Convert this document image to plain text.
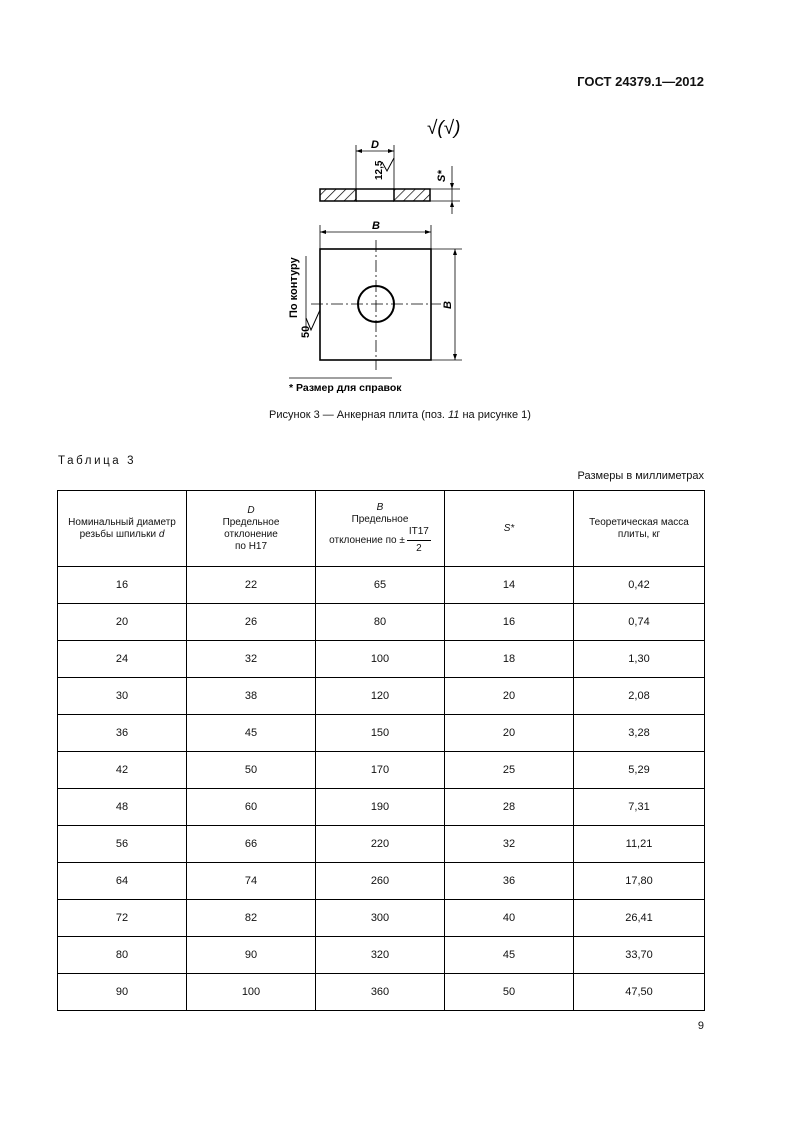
ГОСТ 24379.1—2012
√(√)
D
12,5	S*
B
B
По контуру
50
* Размер для справок
Рисунок 3 — Анкерная плита (поз. 11 на рисунке 1)
Таблица 3
Размеры в миллиметрах
Номинальный диаметр
резьбы шпильки d	D
Предельное
отклонение
по Н17	B
Предельное
отклонение по ± $\frac{IT17}{2}$	S*	Теоретическая масса
плиты, кг
16	22	65	14	0,42
20	26	80	16	0,74
24	32	100	18	1,30
30	38	120	20	2,08
36	45	150	20	3,28
42	50	170	25	5,29
48	60	190	28	7,31
56	66	220	32	11,21
64	74	260	36	17,80
72	82	300	40	26,41
80	90	320	45	33,70
90	100	360	50	47,50
9
